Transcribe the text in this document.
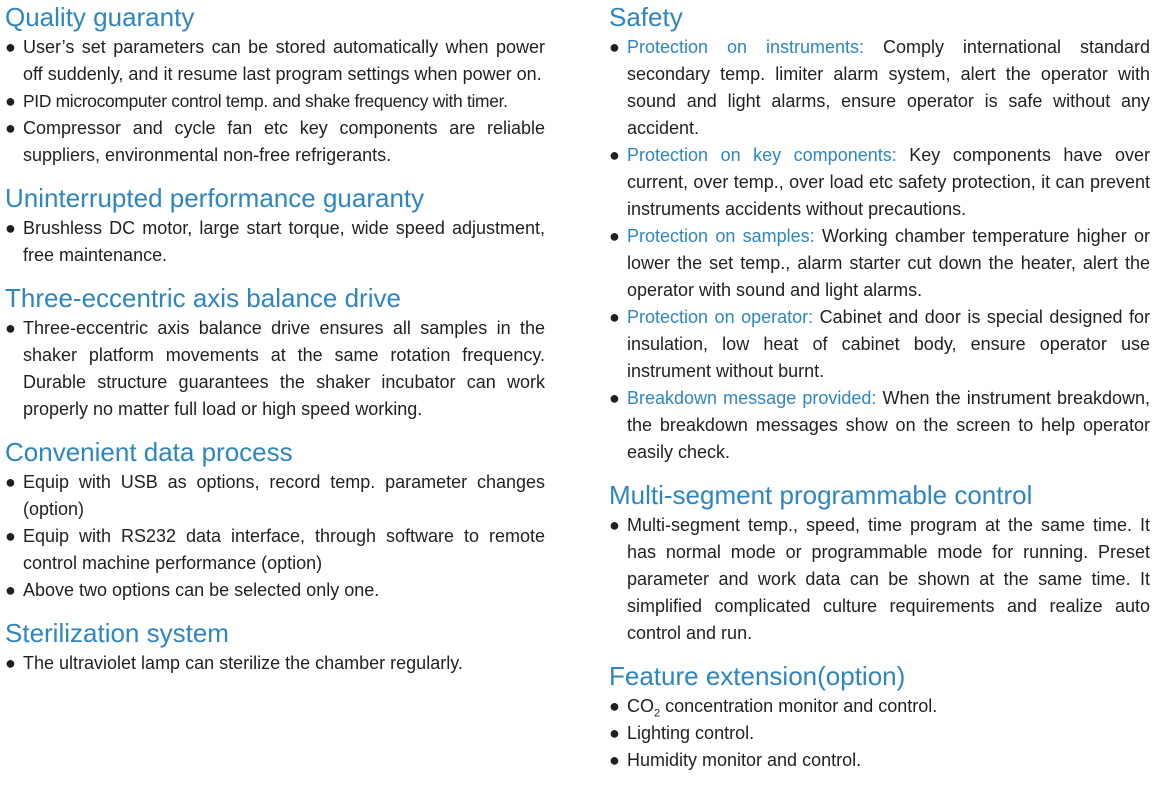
Quality guaranty
● User’s set parameters can be stored automatically when power off suddenly, and it resume last program settings when power on.
● PID microcomputer control temp. and shake frequency with timer.
● Compressor and cycle fan etc key components are reliable suppliers, environmental non-free refrigerants.
Uninterrupted performance guaranty
● Brushless DC motor, large start torque, wide speed adjustment, free maintenance.
Three-eccentric axis balance drive
● Three-eccentric axis balance drive ensures all samples in the shaker platform movements at the same rotation frequency. Durable structure guarantees the shaker incubator can work properly no matter full load or high speed working.
Convenient data process
● Equip with USB as options, record temp. parameter changes (option)
● Equip with RS232 data interface, through software to remote control machine performance (option)
● Above two options can be selected only one.
Sterilization system
● The ultraviolet lamp can sterilize the chamber regularly.
Safety
● Protection on instruments: Comply international standard secondary temp. limiter alarm system, alert the operator with sound and light alarms, ensure operator is safe without any accident.
● Protection on key components: Key components have over current, over temp., over load etc safety protection, it can prevent instruments accidents without precautions.
● Protection on samples: Working chamber temperature higher or lower the set temp., alarm starter cut down the heater, alert the operator with sound and light alarms.
● Protection on operator: Cabinet and door is special designed for insulation, low heat of cabinet body, ensure operator use instrument without burnt.
● Breakdown message provided: When the instrument breakdown, the breakdown messages show on the screen to help operator easily check.
Multi-segment programmable control
● Multi-segment temp., speed, time program at the same time. It has normal mode or programmable mode for running. Preset parameter and work data can be shown at the same time. It simplified complicated culture requirements and realize auto control and run.
Feature extension(option)
● $CO_2$ concentration monitor and control.
● Lighting control.
● Humidity monitor and control.
